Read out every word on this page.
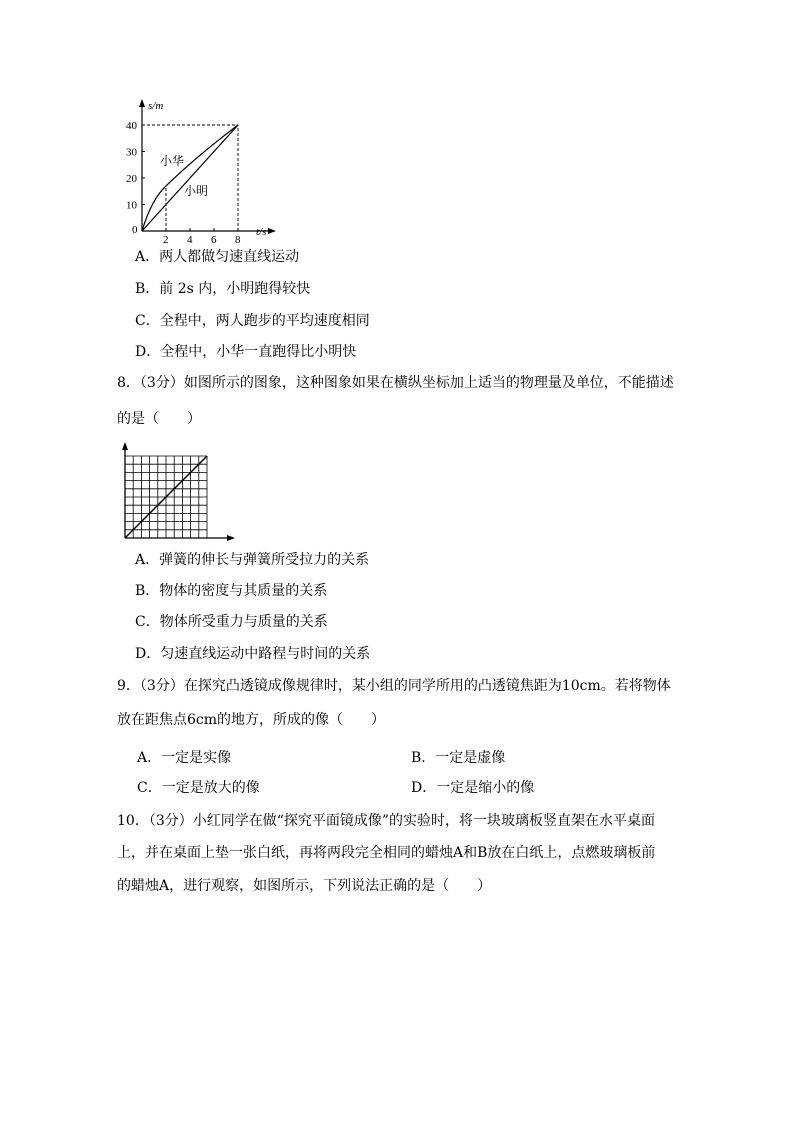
2 4 6 8
10
20
30
40
s/m
t/s
0
小华
小明
A．两人都做匀速直线运动
B．前 2s 内，小明跑得较快
C．全程中，两人跑步的平均速度相同
D．全程中，小华一直跑得比小明快
8．（3分）如图所示的图象，这种图象如果在横纵坐标加上适当的物理量及单位，不能描述
的是（　　）
A．弹簧的伸长与弹簧所受拉力的关系
B．物体的密度与其质量的关系
C．物体所受重力与质量的关系
D．匀速直线运动中路程与时间的关系
9．（3分）在探究凸透镜成像规律时，某小组的同学所用的凸透镜焦距为10cm。若将物体
放在距焦点6cm的地方，所成的像（　　）
A．一定是实像	B．一定是虚像
C．一定是放大的像	D．一定是缩小的像
10．（3分）小红同学在做“探究平面镜成像”的实验时，将一块玻璃板竖直架在水平桌面
上，并在桌面上垫一张白纸，再将两段完全相同的蜡烛A和B放在白纸上，点燃玻璃板前
的蜡烛A，进行观察，如图所示，下列说法正确的是（　　）
